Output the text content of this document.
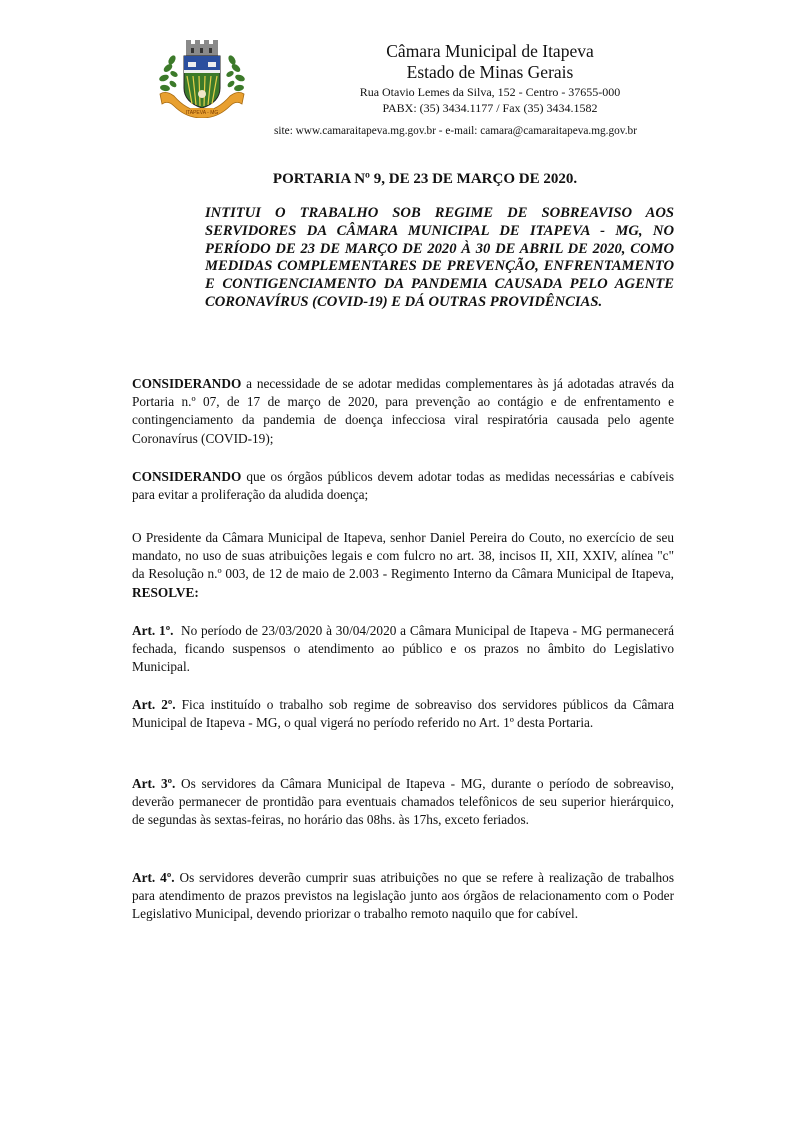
ITAPEVA - MG
Câmara Municipal de Itapeva
Estado de Minas Gerais
Rua Otavio Lemes da Silva, 152 - Centro - 37655-000
PABX: (35) 3434.1177 / Fax (35) 3434.1582
site: www.camaraitapeva.mg.gov.br - e-mail: camara@camaraitapeva.mg.gov.br
PORTARIA Nº 9, DE 23 DE MARÇO DE 2020.
INTITUI O TRABALHO SOB REGIME DE SOBREAVISO AOS SERVIDORES DA CÂMARA MUNICIPAL DE ITAPEVA - MG, NO PERÍODO DE 23 DE MARÇO DE 2020 À 30 DE ABRIL DE 2020, COMO MEDIDAS COMPLEMENTARES DE PREVENÇÃO, ENFRENTAMENTO E CONTIGENCIAMENTO DA PANDEMIA CAUSADA PELO AGENTE CORONAVÍRUS (COVID-19) E DÁ OUTRAS PROVIDÊNCIAS.

CONSIDERANDO a necessidade de se adotar medidas complementares às já adotadas através da Portaria n.º 07, de 17 de março de 2020, para prevenção ao contágio e de enfrentamento e contingenciamento da pandemia de doença infecciosa viral respiratória causada pelo agente Coronavírus (COVID-19);

CONSIDERANDO que os órgãos públicos devem adotar todas as medidas necessárias e cabíveis para evitar a proliferação da aludida doença;

O Presidente da Câmara Municipal de Itapeva, senhor Daniel Pereira do Couto, no exercício de seu mandato, no uso de suas atribuições legais e com fulcro no art. 38, incisos II, XII, XXIV, alínea "c" da Resolução n.º 003, de 12 de maio de 2.003 - Regimento Interno da Câmara Municipal de Itapeva, RESOLVE:

Art. 1º.  No período de 23/03/2020 à 30/04/2020 a Câmara Municipal de Itapeva - MG permanecerá fechada, ficando suspensos o atendimento ao público e os prazos no âmbito do Legislativo Municipal.

Art. 2º. Fica instituído o trabalho sob regime de sobreaviso dos servidores públicos da Câmara Municipal de Itapeva - MG, o qual vigerá no período referido no Art. 1º desta Portaria.

Art. 3º. Os servidores da Câmara Municipal de Itapeva - MG, durante o período de sobreaviso, deverão permanecer de prontidão para eventuais chamados telefônicos de seu superior hierárquico, de segundas às sextas-feiras, no horário das 08hs. às 17hs, exceto feriados.

Art. 4º. Os servidores deverão cumprir suas atribuições no que se refere à realização de trabalhos para atendimento de prazos previstos na legislação junto aos órgãos de relacionamento com o Poder Legislativo Municipal, devendo priorizar o trabalho remoto naquilo que for cabível.
